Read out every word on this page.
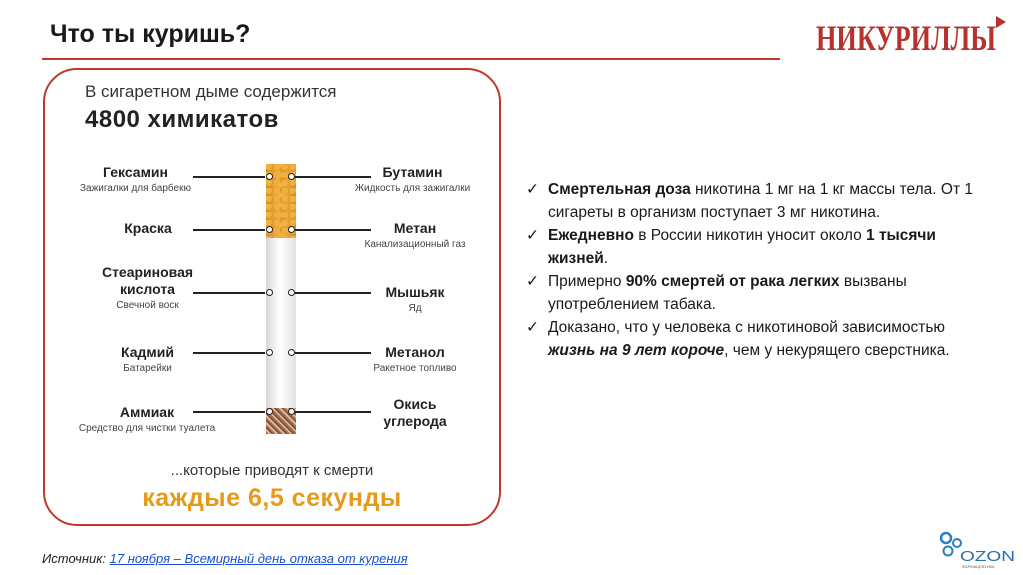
Что ты куришь?	НИКУРИЛЛЫ
В сигаретном дыме содержится
4800 химикатов
Гексамин
Зажигалки для барбекю
Краска
Стеариновая кислота
Свечной воск
Кадмий
Батарейки
Аммиак
Средство для чистки туалета
Бутамин
Жидкость для зажигалки
Метан
Канализационный газ
Мышьяк
Яд
Метанол
Ракетное топливо
Окись углерода
...которые приводят к смерти
каждые 6,5 секунды
✓ Смертельная доза никотина 1 мг на 1 кг массы тела. От 1 сигареты в организм поступает 3 мг никотина.
✓ Ежедневно в России никотин уносит около 1 тысячи жизней.
✓ Примерно 90% смертей от рака легких вызваны употреблением табака.
✓ Доказано, что у человека с никотиновой зависимостью жизнь на 9 лет короче, чем у некурящего сверстника.
Источник: 17 ноября – Всемирный день отказа от курения	OZON
ФАРМАЦЕВТИКА
